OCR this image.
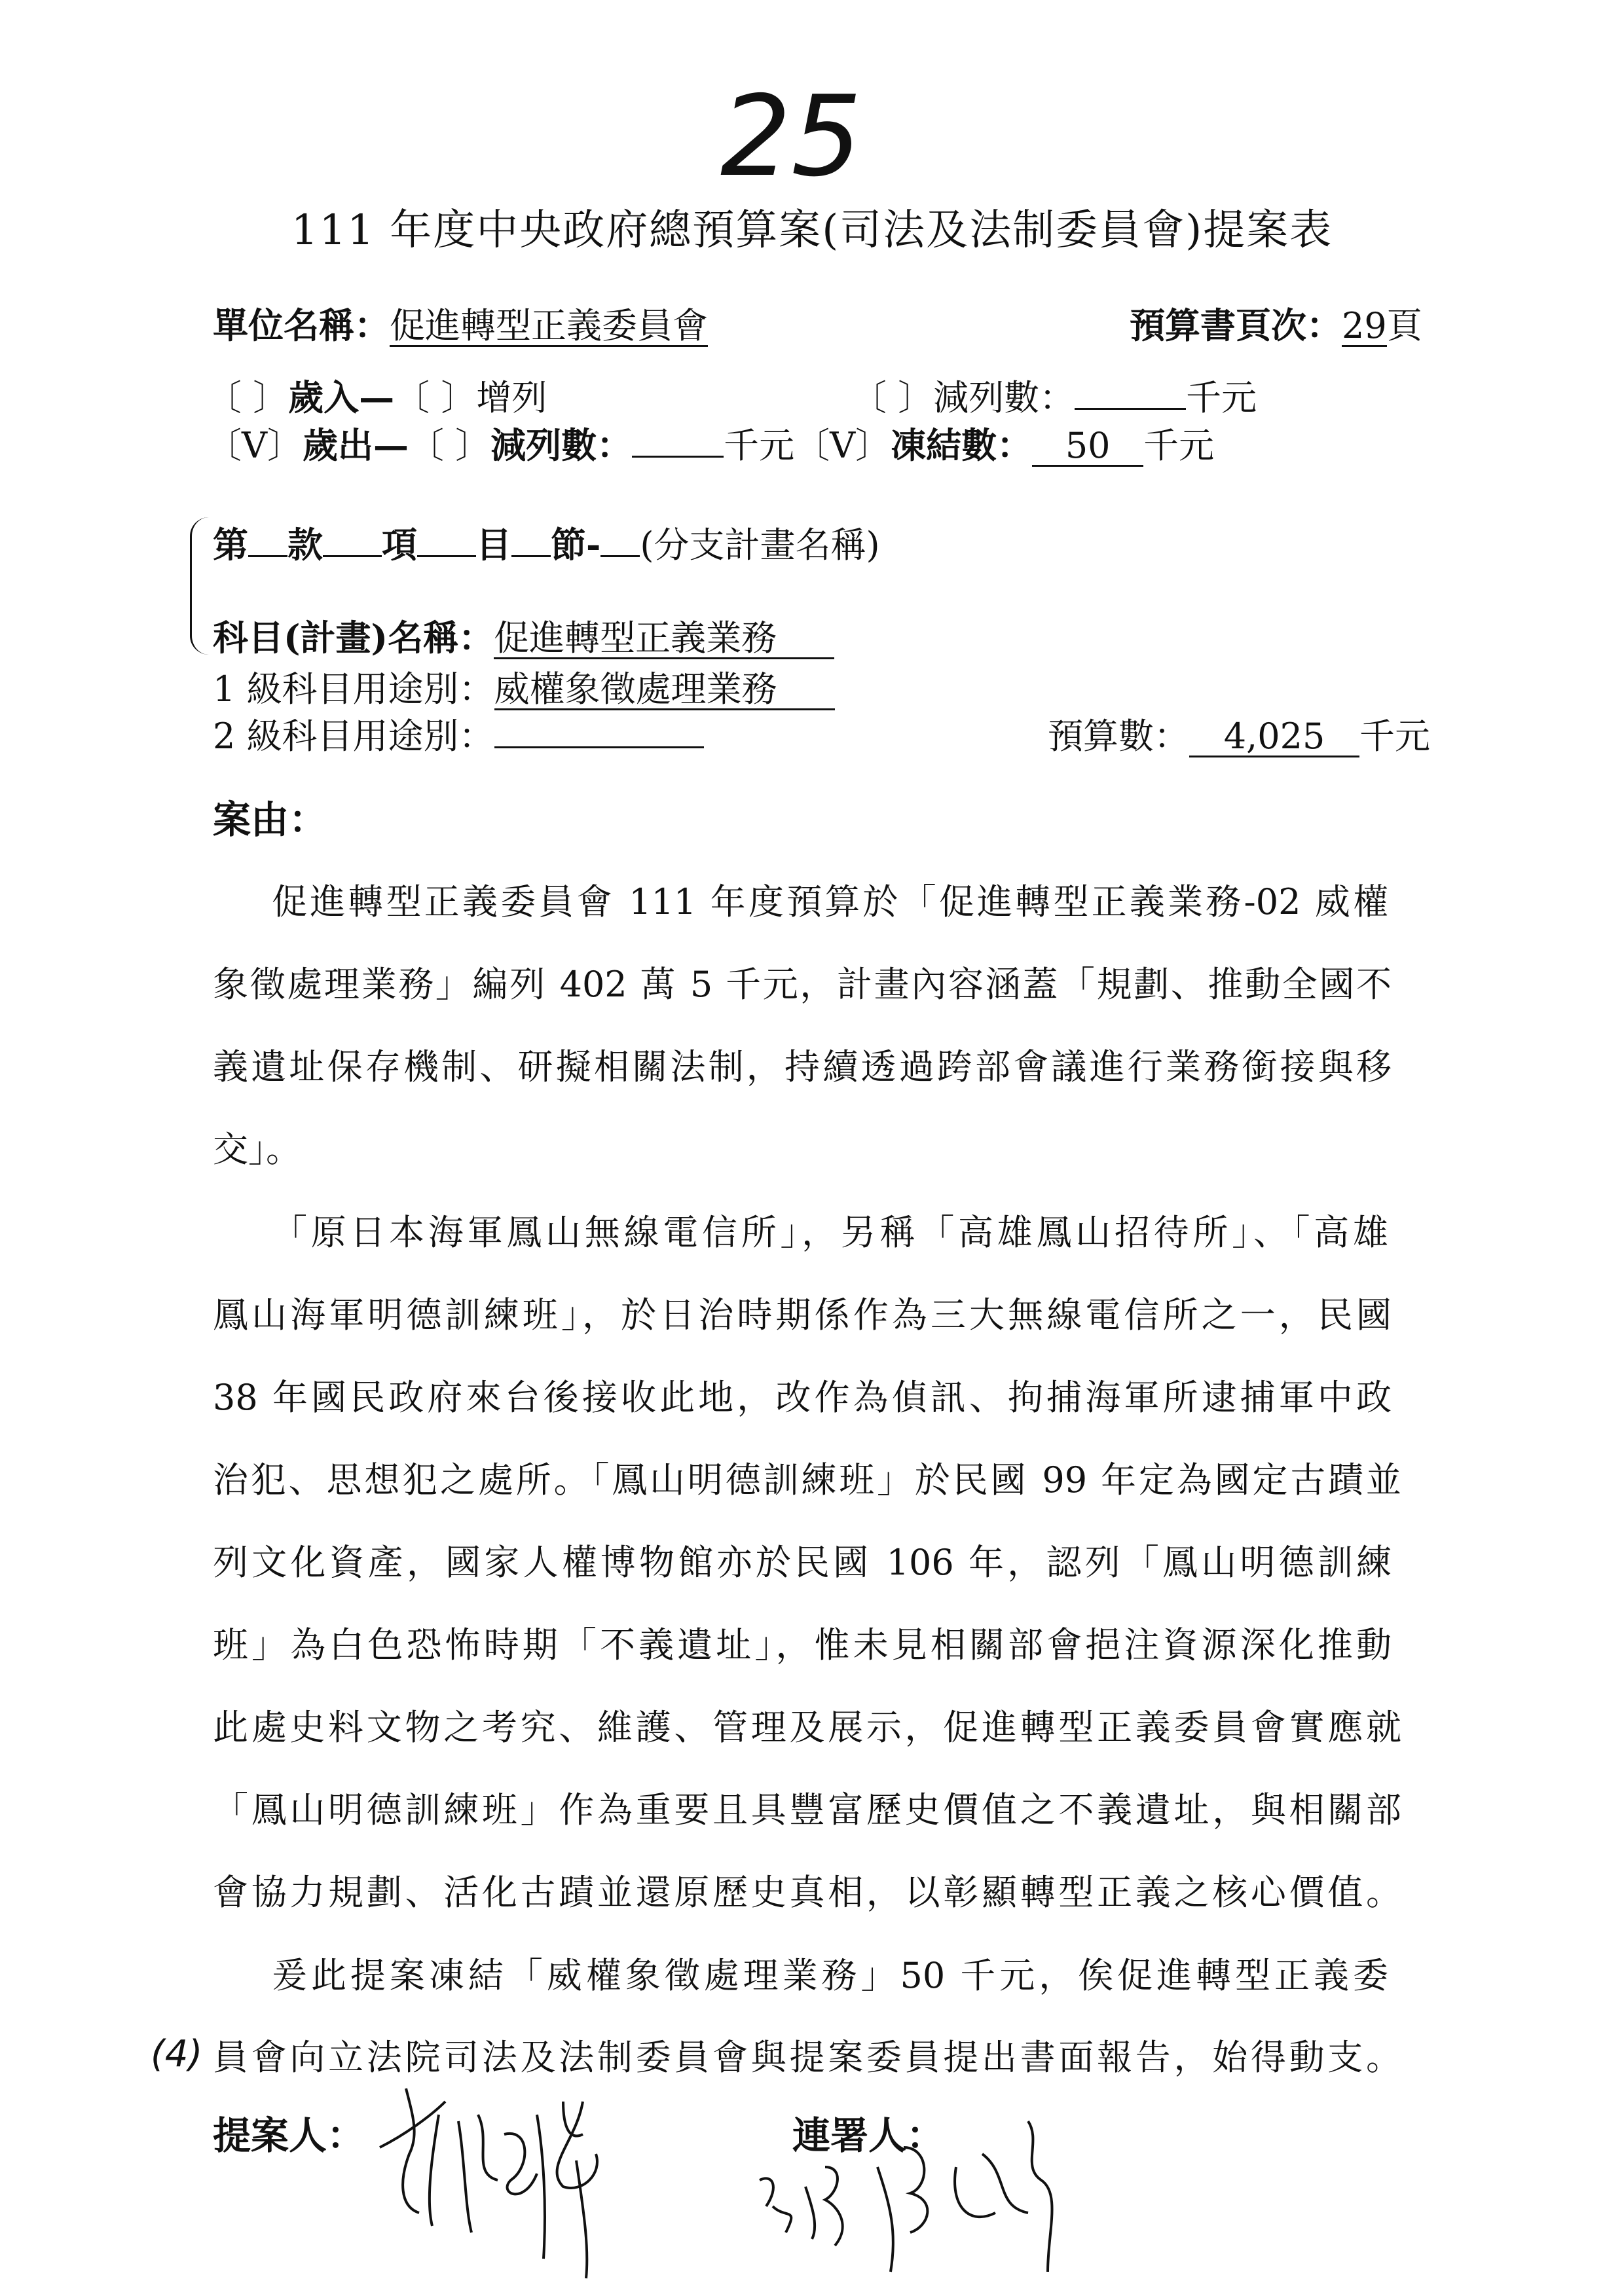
25
111 年度中央政府總預算案(司法及法制委員會)提案表
單位名稱：促進轉型正義委員會	預算書頁次：29頁
〔 〕歲入—〔 〕增列	〔 〕減列數：	千元
〔V〕歲出—〔 〕減列數：	千元〔V〕凍結數： 50 千元
第 款 項 目 節- (分支計畫名稱)
科目(計畫)名稱：促進轉型正義業務
1 級科目用途別：威權象徵處理業務
2 級科目用途別：	預算數： 4,025 千元
案由：
促進轉型正義委員會 111 年度預算於「促進轉型正義業務-02 威權
象徵處理業務」編列 402 萬 5 千元，計畫內容涵蓋「規劃、推動全國不
義遺址保存機制、研擬相關法制，持續透過跨部會議進行業務銜接與移
交」。
「原日本海軍鳳山無線電信所」，另稱「高雄鳳山招待所」、「高雄
鳳山海軍明德訓練班」，於日治時期係作為三大無線電信所之一，民國
38 年國民政府來台後接收此地，改作為偵訊、拘捕海軍所逮捕軍中政
治犯、思想犯之處所。「鳳山明德訓練班」於民國 99 年定為國定古蹟並
列文化資產，國家人權博物館亦於民國 106 年，認列「鳳山明德訓練
班」為白色恐怖時期「不義遺址」，惟未見相關部會挹注資源深化推動
此處史料文物之考究、維護、管理及展示，促進轉型正義委員會實應就
「鳳山明德訓練班」作為重要且具豐富歷史價值之不義遺址，與相關部
會協力規劃、活化古蹟並還原歷史真相，以彰顯轉型正義之核心價值。
爰此提案凍結「威權象徵處理業務」50 千元，俟促進轉型正義委
(4) 員會向立法院司法及法制委員會與提案委員提出書面報告，始得動支。
提案人：	連署人：
